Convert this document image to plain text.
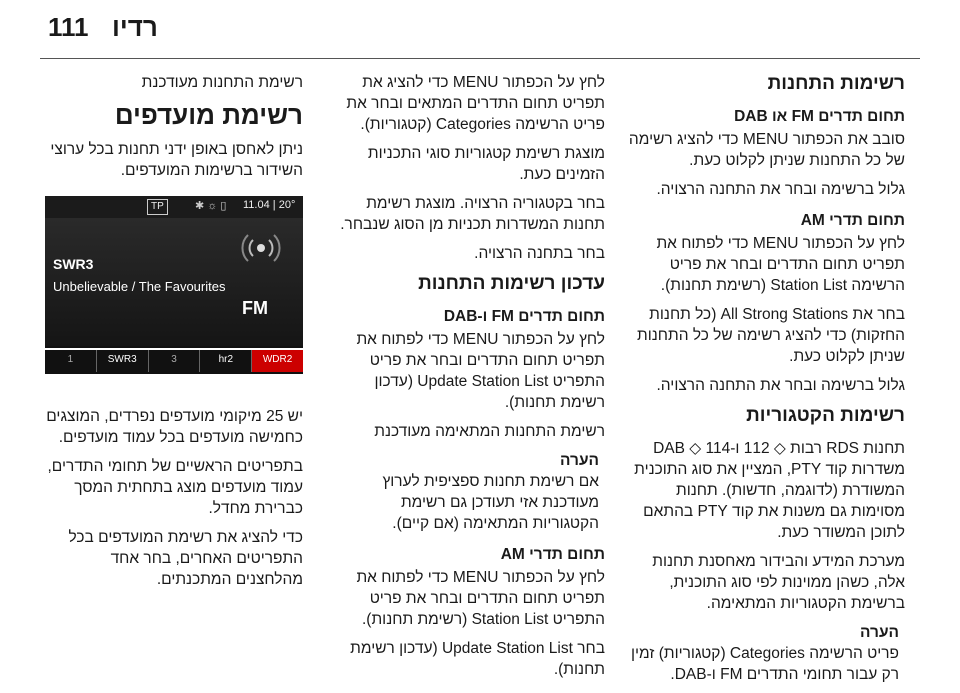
111 רדיו
רשימות התחנות
תחום תדרים FM או DAB

סובב את הכפתור MENU כדי להציג רשימה של כל התחנות שניתן לקלוט כעת.

גלול ברשימה ובחר את התחנה הרצויה.

תחום תדרי AM

לחץ על הכפתור MENU כדי לפתוח את תפריט תחום התדרים ובחר את פריט הרשימה Station List (רשימת תחנות).

בחר את All Strong Stations (כל תחנות החזקות) כדי להציג רשימה של כל התחנות שניתן לקלוט כעת.

גלול ברשימה ובחר את התחנה הרצויה.

רשימות הקטגוריות

תחנות RDS רבות ◇ 112 ו-DAB ◇ 114 משדרות קוד PTY, המציין את סוג התוכנית המשודרת (לדוגמה, חדשות). תחנות מסוימות גם משנות את קוד PTY בהתאם לתוכן המשודר כעת.

מערכת המידע והבידור מאחסנת תחנות אלה, כשהן ממוינות לפי סוג התוכנית, ברשימת הקטגוריות המתאימה.

הערה
פריט הרשימה Categories (קטגוריות) זמין רק עבור תחומי התדרים FM ו-DAB.

לחץ על הכפתור MENU כדי להציג את תפריט תחום התדרים המתאים ובחר את פריט הרשימה Categories (קטגוריות).

מוצגת רשימת קטגוריות סוגי התכניות הזמינים כעת.

בחר בקטגוריה הרצויה. מוצגת רשימת תחנות המשדרות תכניות מן הסוג שנבחר.

בחר בתחנה הרצויה.

עדכון רשימות התחנות
תחום תדרים FM ו-DAB

לחץ על הכפתור MENU כדי לפתוח את תפריט תחום התדרים ובחר את פריט התפריט Update Station List (עדכון רשימת תחנות).

רשימת התחנות המתאימה מעודכנת

הערה
אם רשימת תחנות ספציפית לערוץ מעודכנת אזי תעודכן גם רשימת הקטגוריות המתאימה (אם קיים).
תחום תדרי AM

לחץ על הכפתור MENU כדי לפתוח את תפריט תחום התדרים ובחר את פריט התפריט Station List (רשימת תחנות).

בחר Update Station List (עדכון רשימת תחנות).

רשימת התחנות מעודכנת
רשימת מועדפים

ניתן לאחסן באופן ידני תחנות בכל ערוצי השידור ברשימות המועדפים.

TP	✱ ☼ ▯ 11.04 | 20°
SWR3
Unbelievable / The Favourites
FM
1	SWR3	3	hr2	WDR2

יש 25 מיקומי מועדפים נפרדים, המוצגים כחמישה מועדפים בכל עמוד מועדפים.

בתפריטים הראשיים של תחומי התדרים, עמוד מועדפים מוצג בתחתית המסך כברירת מחדל.

כדי להציג את רשימת המועדפים בכל התפריטים האחרים, בחר אחד מהלחצנים המתכנתים.
